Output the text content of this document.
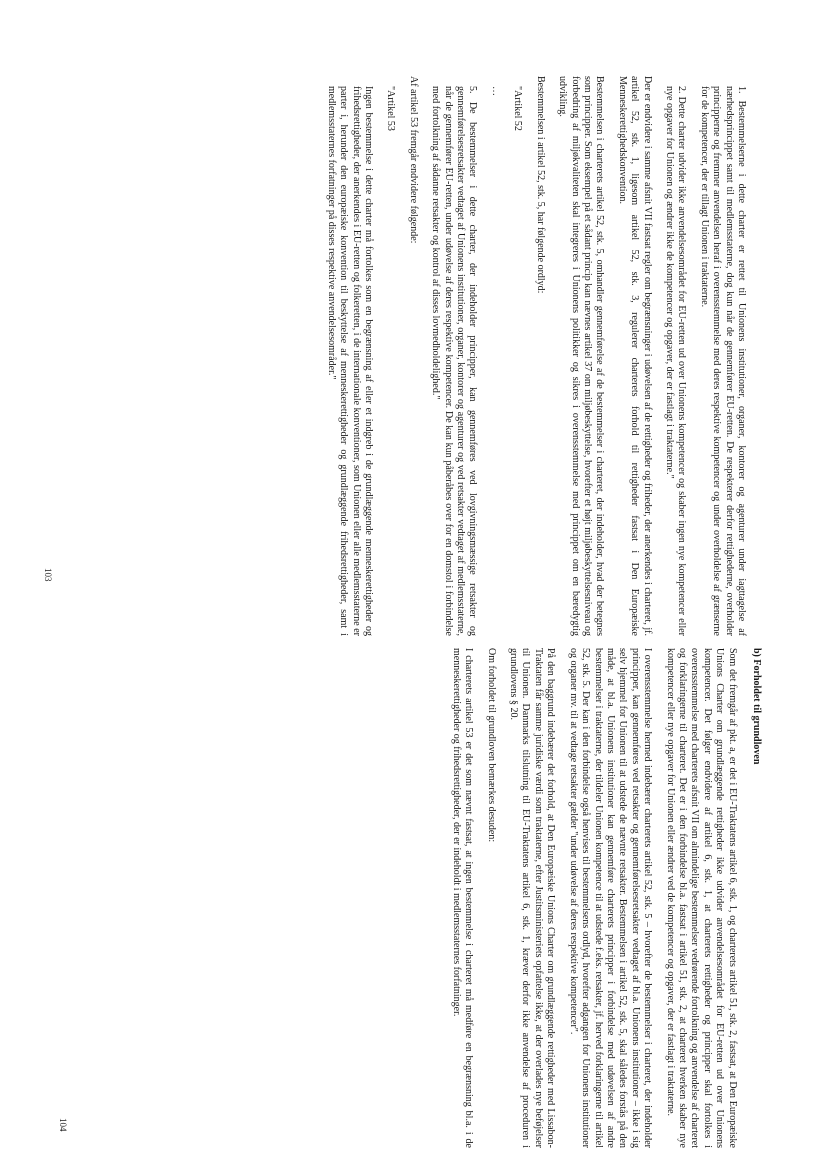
1. Bestemmelserne i dette charter er rettet til Unionens institutioner, organer, kontorer og agenturer under iagttagelse af nærhedsprincippet samt til medlemsstaterne, dog kun når de gennemfører EU-retten. De respekterer derfor rettighederne, overholder principperne og fremmer anvendelsen heraf i overensstemmelse med deres respektive kompetencer og under overholdelse af grænserne for de kompetencer, der er tillagt Unionen i traktaterne.

2. Dette charter udvider ikke anvendelsesområdet for EU-retten ud over Unionens kompetencer og skaber ingen nye kompetencer eller nye opgaver for Unionen og ændrer ikke de kompetencer og opgaver, der er fastlagt i traktaterne."

Der er endvidere i samme afsnit VII fastsat regler om begrænsninger i udøvelsen af de rettigheder og friheder, der anerkendes i charteret, jf. artikel 52, stk. 1, ligesom artikel 52, stk. 3, regulerer charterets forhold til rettigheder fastsat i Den Europæiske Menneskerettighedskonvention.

Bestemmelsen i charterets artikel 52, stk. 5, omhandler gennemførelse af de bestemmelser i charteret, der indeholder, hvad der betegnes som principper. Som eksempel på et sådant princip kan nævnes artikel 37 om miljøbeskyttelse, hvorefter et højt miljøbeskyttelsesniveau og forbedring af miljøkvaliteten skal integreres i Unionens politikker og sikres i overensstemmelse med princippet om en bæredygtig udvikling.

Bestemmelsen i artikel 52, stk. 5, har følgende ordlyd:

"Artikel 52

…

5. De bestemmelser i dette charter, der indeholder principper, kan gennemføres ved lovgivningsmæssige retsakter og gennemførelsesretsakter vedtaget af Unionens institutioner, organer, kontorer og agenturer og ved retsakter vedtaget af medlemsstaterne, når de gennemfører EU-retten, under udøvelse af deres respektive kompetencer. De kan kun påberåbes over for en domstol i forbindelse med fortolkning af sådanne retsakter og kontrol af disses lovmedholdelighed."

Af artikel 53 fremgår endvidere følgende:

"Artikel 53

Ingen bestemmelse i dette charter må fortolkes som en begrænsning af eller et indgreb i de grundlæggende menneskerettigheder og frihedsrettigheder, der anerkendes i EU-retten og folkeretten, i de internationale konventioner, som Unionen eller alle medlemsstaterne er parter i, herunder den europæiske konvention til beskyttelse af menneskerettigheder og grundlæggende frihedsrettigheder, samt i medlemsstaternes forfatninger på disses respektive anvendelsesområder."

103

b) Forholdet til grundloven

Som det fremgår af pkt. a, er det i EU-Traktatens artikel 6, stk. 1, og charterets artikel 51, stk. 2, fastsat, at Den Europæiske Unions Charter om grundlæggende rettigheder ikke udvider anvendelsesområdet for EU-retten ud over Unionens kompetencer. Det følger endvidere af artikel 6, stk. 1, at charterets rettigheder og principper skal fortolkes i overensstemmelse med charterets afsnit VII om almindelige bestemmelser vedrørende fortolkning og anvendelse af charteret og forklaringerne til charteret. Det er i den forbindelse bl.a. fastsat i artikel 51, stk. 2, at charteret hverken skaber nye kompetencer eller nye opgaver for Unionen eller ændrer ved de kompetencer og opgaver, der er fastlagt i traktaterne.

I overensstemmelse hermed indebærer charterets artikel 52, stk. 5 – hvorefter de bestemmelser i charteret, der indeholder principper, kan gennemføres ved retsakter og gennemførelsesretsakter vedtaget af bl.a. Unionens institutioner – ikke i sig selv hjemmel for Unionen til at udstede de nævnte retsakter. Bestemmelsen i artikel 52, stk. 5, skal således forstås på den måde, at bl.a. Unionens institutioner kan gennemføre charterets principper i forbindelse med udøvelsen af andre bestemmelser i traktaterne, der tildeler Unionen kompetence til at udstede f.eks. retsakter, jf. herved forklaringerne til artikel 52, stk. 5. Der kan i den forbindelse også henvises til bestemmelsens ordlyd, hvorefter adgangen for Unionens institutioner og organer mv. til at vedtage retsakter gælder "under udøvelse af deres respektive kompetencer".

På den baggrund indebærer det forhold, at Den Europæiske Unions Charter om grundlæggende rettigheder med Lissabon-Traktaten får samme juridiske værdi som traktaterne, efter Justitsministeriets opfattelse ikke, at der overlades nye beføjelser til Unionen. Danmarks tilslutning til EU-Traktatens artikel 6, stk. 1, kræver derfor ikke anvendelse af proceduren i grundlovens § 20.

Om forholdet til grundloven bemærkes desuden:

I charterets artikel 53 er det som nævnt fastsat, at ingen bestemmelse i charteret må medføre en begrænsning bl.a. i de menneskerettigheder og frihedsrettigheder, der er indeholdt i medlemsstaternes forfatninger.

104
